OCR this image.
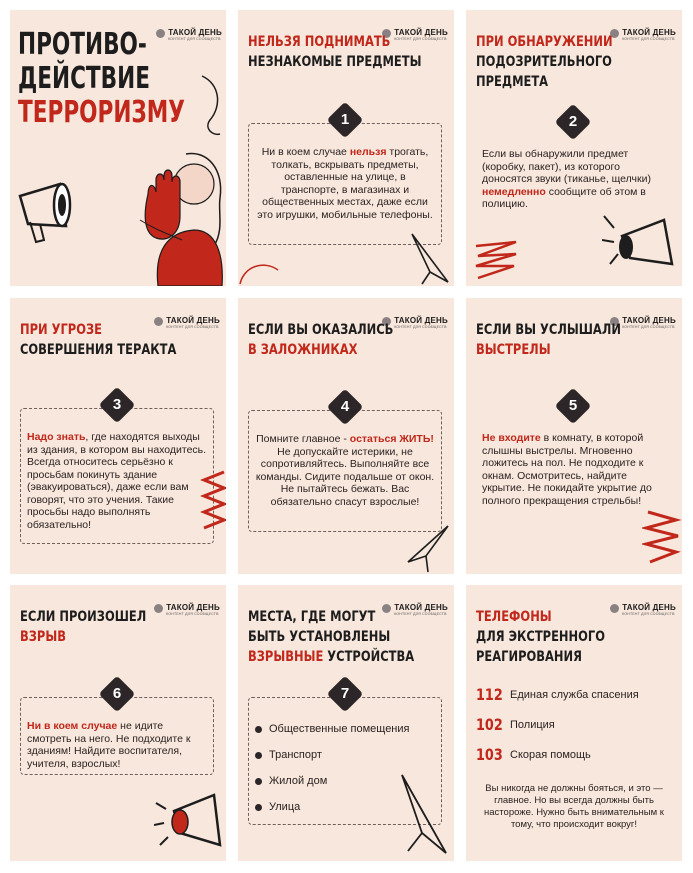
ТАКОЙ ДЕНЬ
КОНТЕНТ ДЛЯ СООБЩЕСТВ
ПРОТИВО-
ДЕЙСТВИЕ
ТЕРРОРИЗМУ
ТАКОЙ ДЕНЬ
КОНТЕНТ ДЛЯ СООБЩЕСТВ
НЕЛЬЗЯ ПОДНИМАТЬ
НЕЗНАКОМЫЕ ПРЕДМЕТЫ
1
Ни в коем случае нельзя трогать, толкать, вскрывать предметы, оставленные на улице, в транспорте, в магазинах и общественных местах, даже если это игрушки, мобильные телефоны.
ТАКОЙ ДЕНЬ
КОНТЕНТ ДЛЯ СООБЩЕСТВ
ПРИ ОБНАРУЖЕНИИ
ПОДОЗРИТЕЛЬНОГО
ПРЕДМЕТА
2
Если вы обнаружили предмет (коробку, пакет), из которого доносятся звуки (тиканье, щелчки) немедленно сообщите об этом в полицию.
ТАКОЙ ДЕНЬ
КОНТЕНТ ДЛЯ СООБЩЕСТВ
ПРИ УГРОЗЕ
СОВЕРШЕНИЯ ТЕРАКТА
3
Надо знать, где находятся выходы из здания, в котором вы находитесь. Всегда относитесь серьёзно к просьбам покинуть здание (эвакуироваться), даже если вам говорят, что это учения. Такие просьбы надо выполнять обязательно!
ТАКОЙ ДЕНЬ
КОНТЕНТ ДЛЯ СООБЩЕСТВ
ЕСЛИ ВЫ ОКАЗАЛИСЬ
В ЗАЛОЖНИКАХ
4
Помните главное - остаться ЖИТЬ! Не допускайте истерики, не сопротивляйтесь. Выполняйте все команды. Сидите подальше от окон. Не пытайтесь бежать. Вас обязательно спасут взрослые!
ТАКОЙ ДЕНЬ
КОНТЕНТ ДЛЯ СООБЩЕСТВ
ЕСЛИ ВЫ УСЛЫШАЛИ
ВЫСТРЕЛЫ
5
Не входите в комнату, в которой слышны выстрелы. Мгновенно ложитесь на пол. Не подходите к окнам. Осмотритесь, найдите укрытие. Не покидайте укрытие до полного прекращения стрельбы!
ТАКОЙ ДЕНЬ
КОНТЕНТ ДЛЯ СООБЩЕСТВ
ЕСЛИ ПРОИЗОШЕЛ
ВЗРЫВ
6
Ни в коем случае не идите смотреть на него. Не подходите к зданиям! Найдите воспитателя, учителя, взрослых!
ТАКОЙ ДЕНЬ
КОНТЕНТ ДЛЯ СООБЩЕСТВ
МЕСТА, ГДЕ МОГУТ
БЫТЬ УСТАНОВЛЕНЫ
ВЗРЫВНЫЕ УСТРОЙСТВА
7
Общественные помещения
Транспорт
Жилой дом
Улица
ТАКОЙ ДЕНЬ
КОНТЕНТ ДЛЯ СООБЩЕСТВ
ТЕЛЕФОНЫ
ДЛЯ ЭКСТРЕННОГО
РЕАГИРОВАНИЯ
112 Единая служба спасения
102 Полиция
103 Скорая помощь
Вы никогда не должны бояться, и это — главное. Но вы всегда должны быть настороже. Нужно быть внимательным к тому, что происходит вокруг!
